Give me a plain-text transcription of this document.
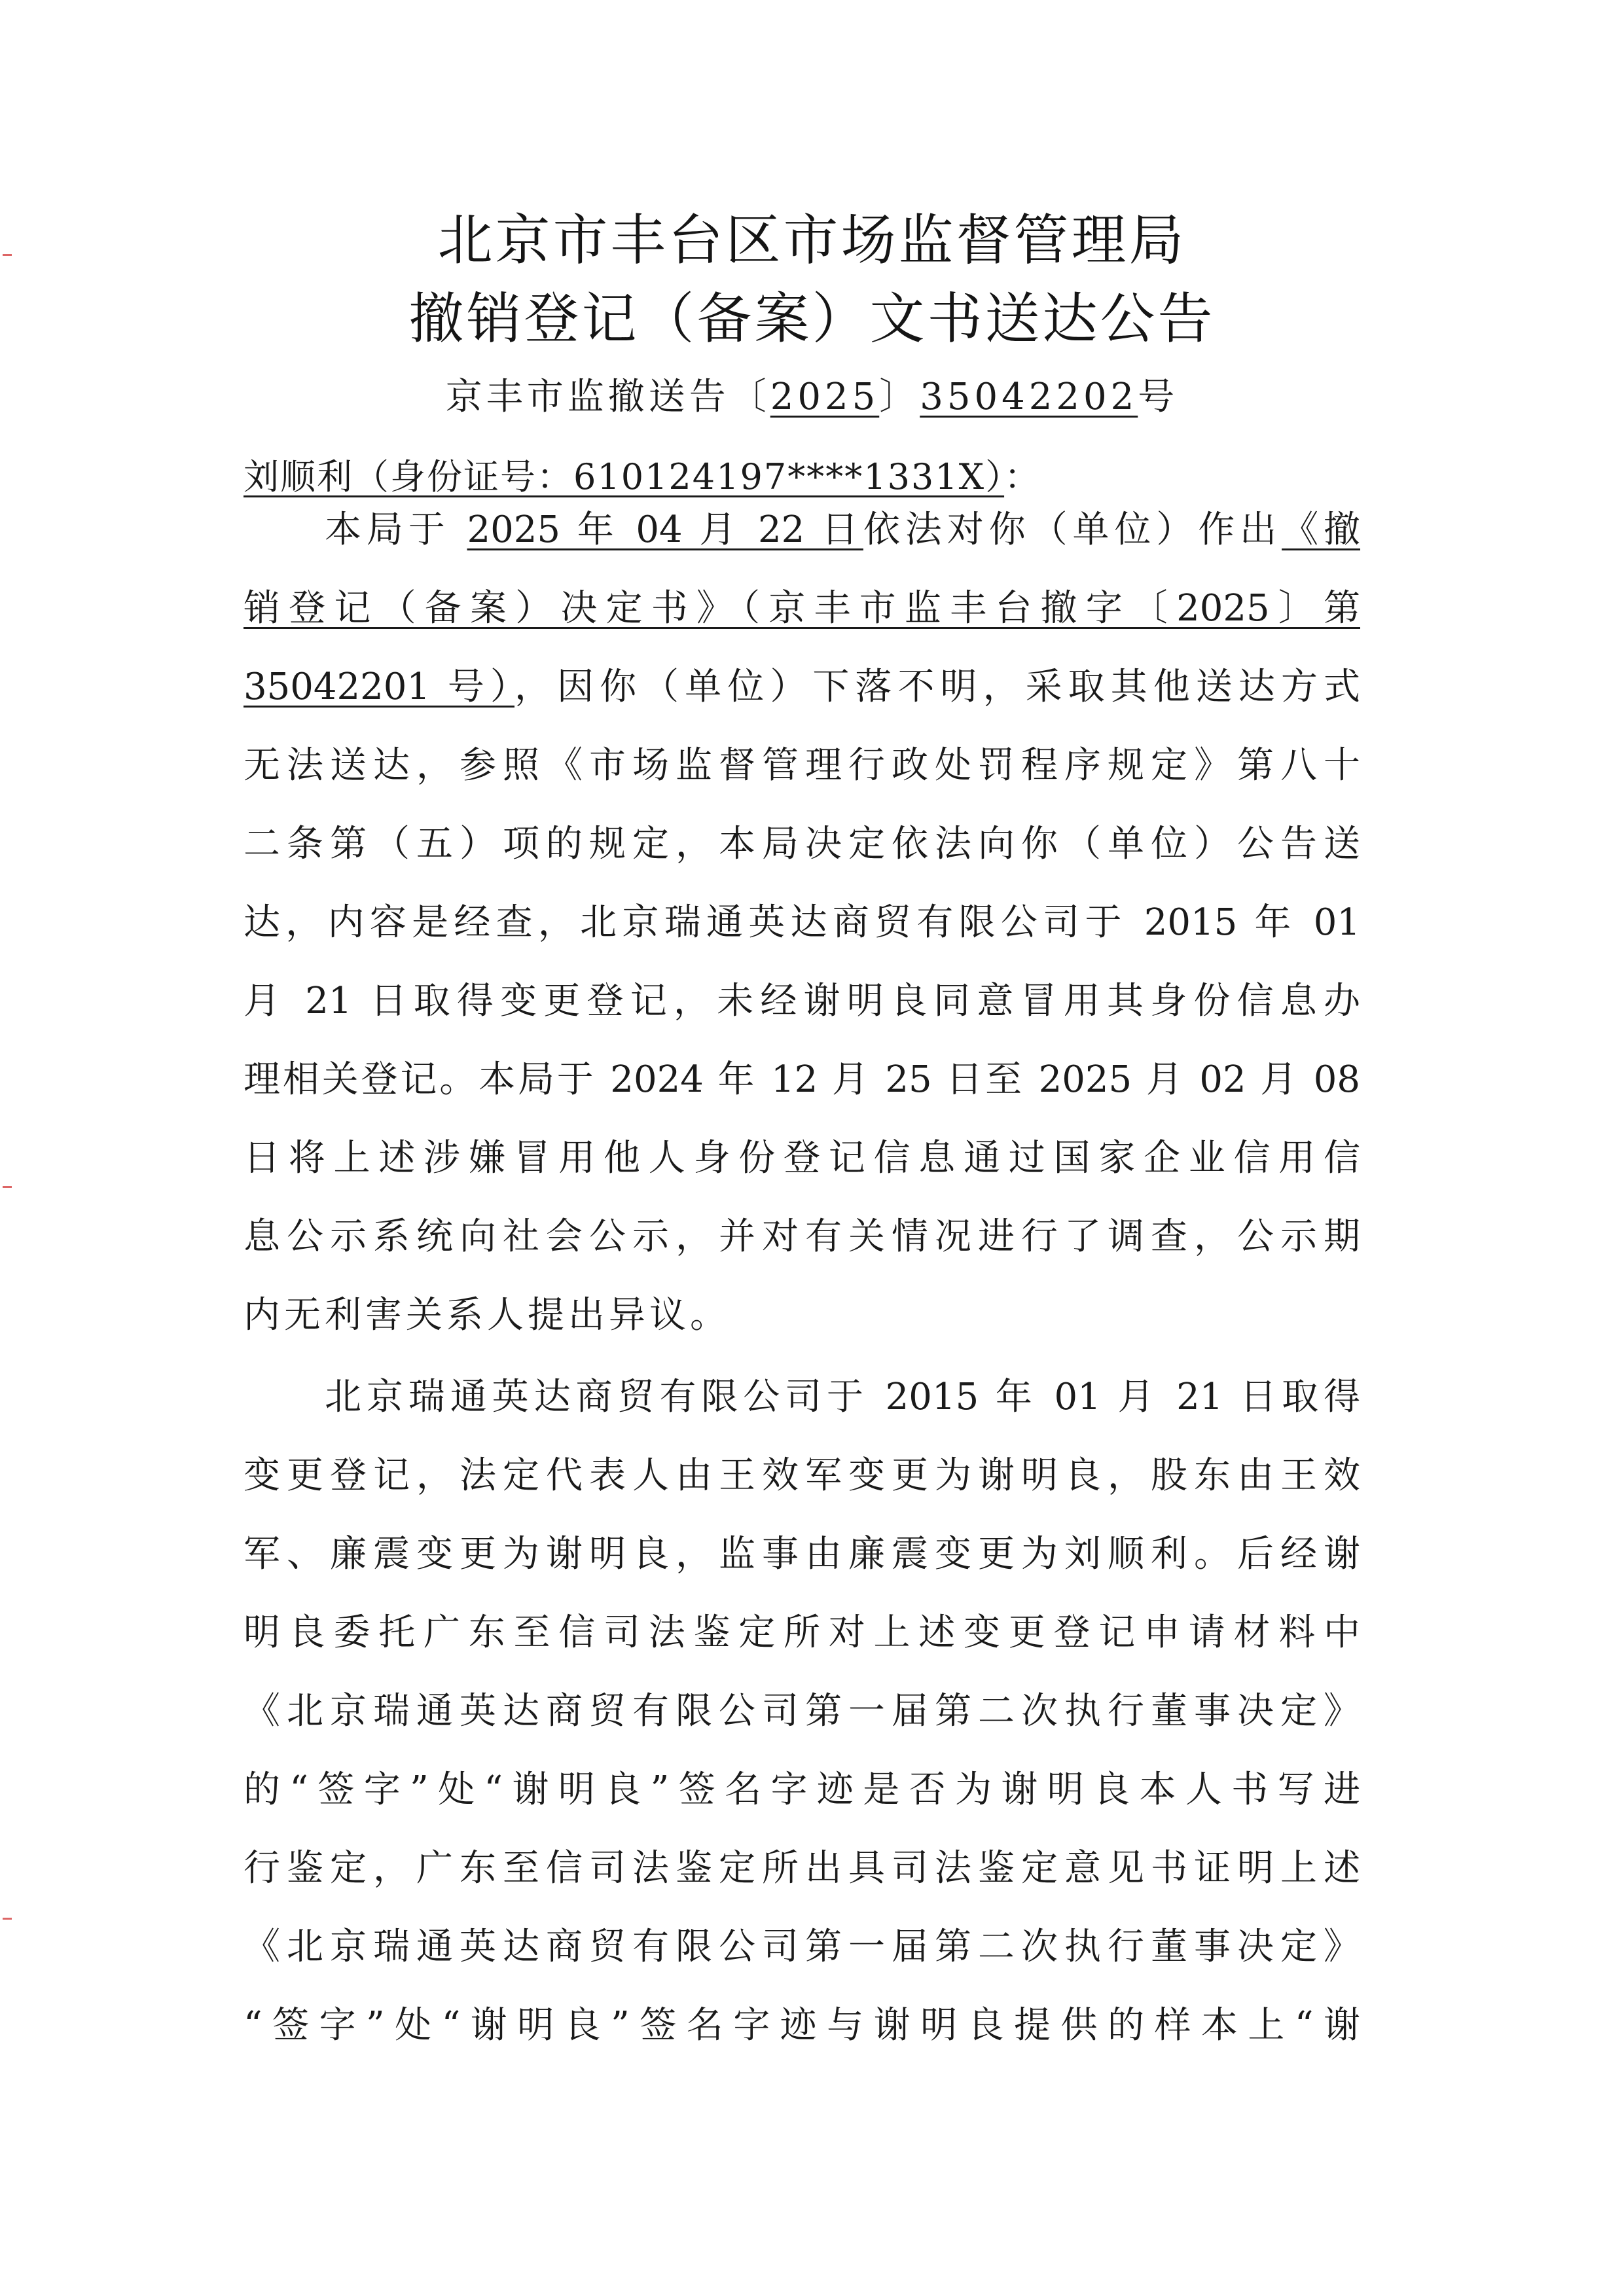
北京市丰台区市场监督管理局
撤销登记（备案）文书送达公告
京丰市监撤送告〔2025〕35042202号
刘顺利（身份证号：610124197****1331X）：
本局于 2025 年 04 月 22 日依法对你（单位）作出《撤
销登记（备案）决定书》（京丰市监丰台撤字〔2025〕第
35042201 号），因你（单位）下落不明，采取其他送达方式
无法送达，参照《市场监督管理行政处罚程序规定》第八十
二条第（五）项的规定，本局决定依法向你（单位）公告送
达，内容是经查，北京瑞通英达商贸有限公司于 2015 年 01
月 21 日取得变更登记，未经谢明良同意冒用其身份信息办
理相关登记。本局于 2024 年 12 月 25 日至 2025 月 02 月 08
日将上述涉嫌冒用他人身份登记信息通过国家企业信用信
息公示系统向社会公示，并对有关情况进行了调查，公示期
内无利害关系人提出异议。
北京瑞通英达商贸有限公司于 2015 年 01 月 21 日取得
变更登记，法定代表人由王效军变更为谢明良，股东由王效
军、廉震变更为谢明良，监事由廉震变更为刘顺利。后经谢
明良委托广东至信司法鉴定所对上述变更登记申请材料中
《北京瑞通英达商贸有限公司第一届第二次执行董事决定》
的“签字”处“谢明良”签名字迹是否为谢明良本人书写进
行鉴定，广东至信司法鉴定所出具司法鉴定意见书证明上述
《北京瑞通英达商贸有限公司第一届第二次执行董事决定》
“签字”处“谢明良”签名字迹与谢明良提供的样本上“谢
